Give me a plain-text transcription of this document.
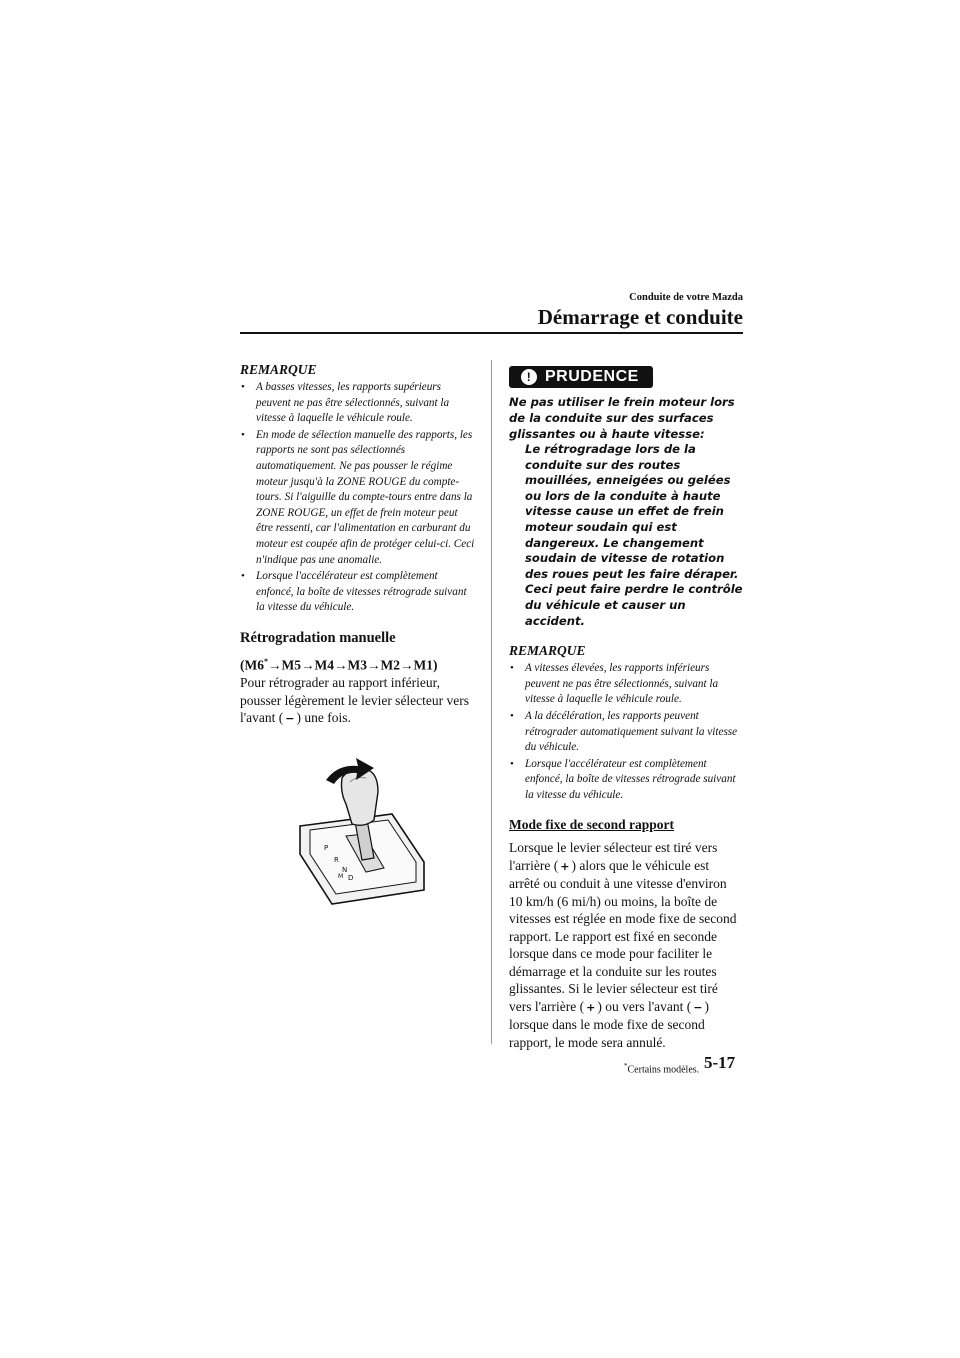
Conduite de votre Mazda
Démarrage et conduite
REMARQUE
• A basses vitesses, les rapports supérieurs peuvent ne pas être sélectionnés, suivant la vitesse à laquelle le véhicule roule.
• En mode de sélection manuelle des rapports, les rapports ne sont pas sélectionnés automatiquement. Ne pas pousser le régime moteur jusqu'à la ZONE ROUGE du compte-tours. Si l'aiguille du compte-tours entre dans la ZONE ROUGE, un effet de frein moteur peut être ressenti, car l'alimentation en carburant du moteur est coupée afin de protéger celui-ci. Ceci n'indique pas une anomalie.
• Lorsque l'accélérateur est complètement enfoncé, la boîte de vitesses rétrograde suivant la vitesse du véhicule.
Rétrogradation manuelle
(M6*→M5→M4→M3→M2→M1)
Pour rétrograder au rapport inférieur, pousser légèrement le levier sélecteur vers l'avant ( − ) une fois.
P
R
N
D
M
! PRUDENCE
Ne pas utiliser le frein moteur lors de la conduite sur des surfaces glissantes ou à haute vitesse:
Le rétrogradage lors de la conduite sur des routes mouillées, enneigées ou gelées ou lors de la conduite à haute vitesse cause un effet de frein moteur soudain qui est dangereux. Le changement soudain de vitesse de rotation des roues peut les faire déraper. Ceci peut faire perdre le contrôle du véhicule et causer un accident.
REMARQUE
• A vitesses élevées, les rapports inférieurs peuvent ne pas être sélectionnés, suivant la vitesse à laquelle le véhicule roule.
• A la décélération, les rapports peuvent rétrograder automatiquement suivant la vitesse du véhicule.
• Lorsque l'accélérateur est complètement enfoncé, la boîte de vitesses rétrograde suivant la vitesse du véhicule.
Mode fixe de second rapport
Lorsque le levier sélecteur est tiré vers l'arrière ( + ) alors que le véhicule est arrêté ou conduit à une vitesse d'environ 10 km/h (6 mi/h) ou moins, la boîte de vitesses est réglée en mode fixe de second rapport. Le rapport est fixé en seconde lorsque dans ce mode pour faciliter le démarrage et la conduite sur les routes glissantes. Si le levier sélecteur est tiré vers l'arrière ( + ) ou vers l'avant ( − ) lorsque dans le mode fixe de second rapport, le mode sera annulé.
*Certains modèles. 5-17
